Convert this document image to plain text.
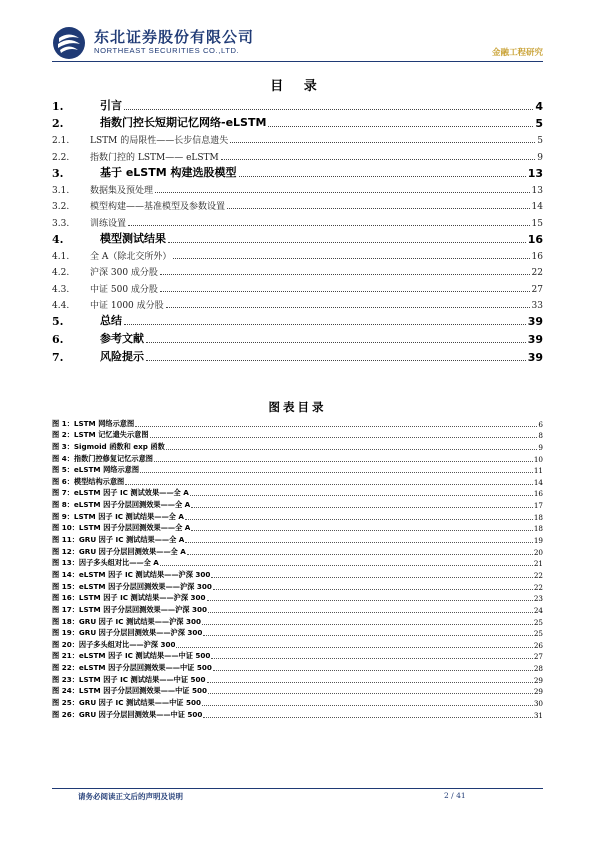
东北证券股份有限公司
NORTHEAST SECURITIES CO.,LTD.	金融工程研究
目 录
1.	引言	4
2.	指数门控长短期记忆网络-eLSTM	5
2.1.	LSTM 的局限性——长步信息遗失	5
2.2.	指数门控的 LSTM—— eLSTM	9
3.	基于 eLSTM 构建选股模型	13
3.1.	数据集及预处理	13
3.2.	模型构建——基准模型及参数设置	14
3.3.	训练设置	15
4.	模型测试结果	16
4.1.	全 A（除北交所外）	16
4.2.	沪深 300 成分股	22
4.3.	中证 500 成分股	27
4.4.	中证 1000 成分股	33
5.	总结	39
6.	参考文献	39
7.	风险提示	39
图表目录
图 1：LSTM 网络示意图	6
图 2：LSTM 记忆遗失示意图	8
图 3：Sigmoid 函数和 exp 函数	9
图 4：指数门控修复记忆示意图	10
图 5：eLSTM 网络示意图	11
图 6：模型结构示意图	14
图 7：eLSTM 因子 IC 测试效果——全 A	16
图 8：eLSTM 因子分层回测效果——全 A	17
图 9：LSTM 因子 IC 测试结果——全 A	18
图 10：LSTM 因子分层回测效果——全 A	18
图 11：GRU 因子 IC 测试结果——全 A	19
图 12：GRU 因子分层回测效果——全 A	20
图 13：因子多头组对比——全 A	21
图 14：eLSTM 因子 IC 测试结果——沪深 300	22
图 15：eLSTM 因子分层回测效果——沪深 300	22
图 16：LSTM 因子 IC 测试结果——沪深 300	23
图 17：LSTM 因子分层回测效果——沪深 300	24
图 18：GRU 因子 IC 测试结果——沪深 300	25
图 19：GRU 因子分层回测效果——沪深 300	25
图 20：因子多头组对比——沪深 300	26
图 21：eLSTM 因子 IC 测试结果——中证 500	27
图 22：eLSTM 因子分层回测效果——中证 500	28
图 23：LSTM 因子 IC 测试结果——中证 500	29
图 24：LSTM 因子分层回测效果——中证 500	29
图 25：GRU 因子 IC 测试结果——中证 500	30
图 26：GRU 因子分层回测效果——中证 500	31
请务必阅读正文后的声明及说明	2 / 41
